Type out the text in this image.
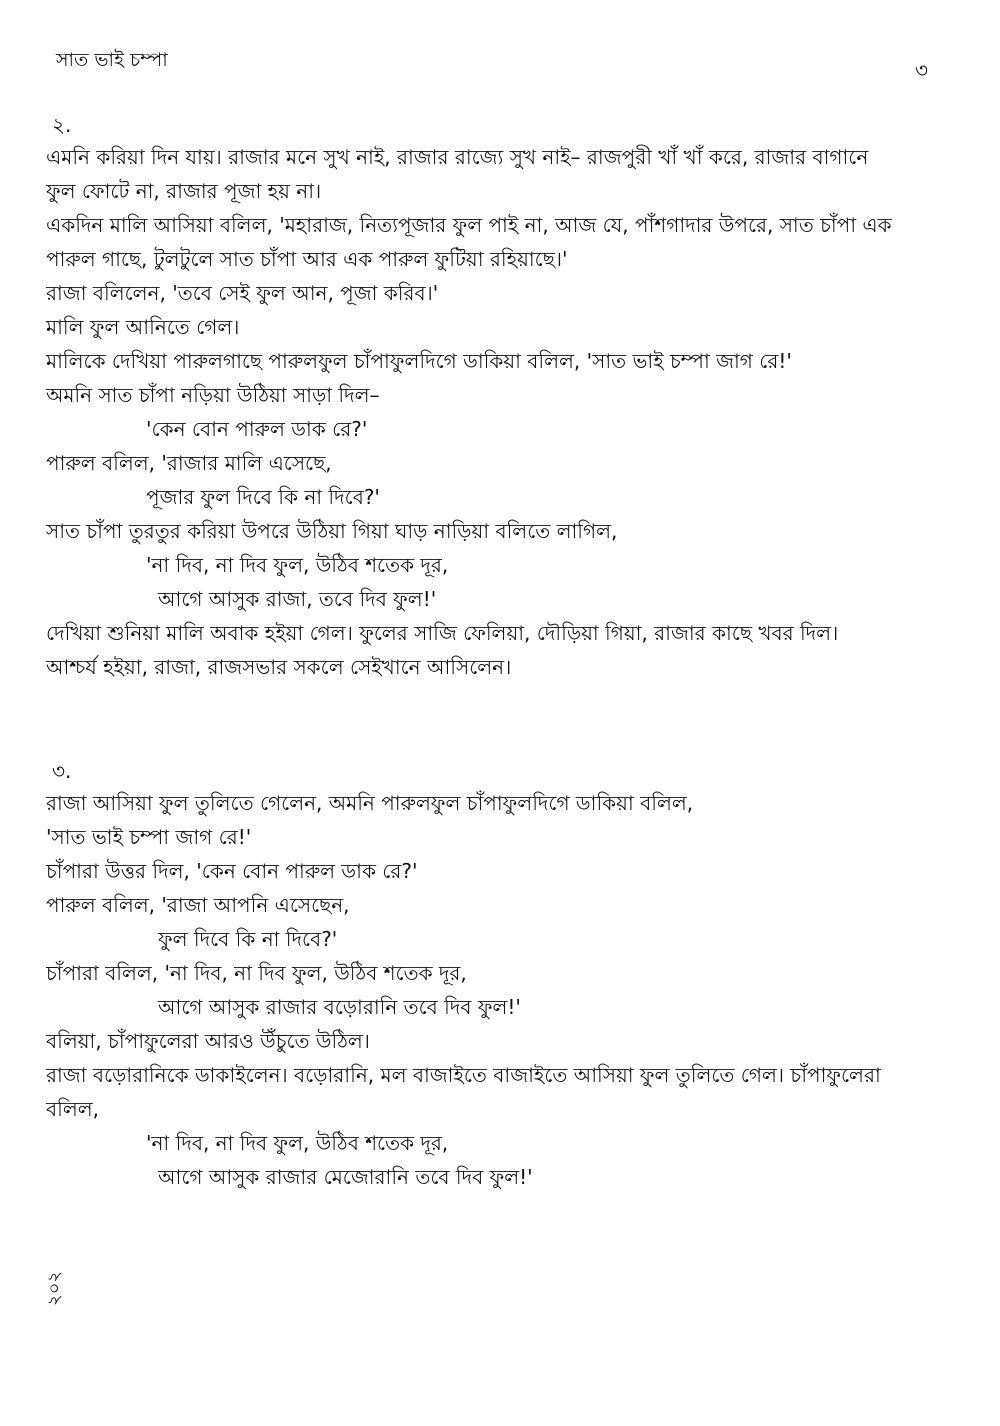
সাত ভাই চম্পা	৩
২.
এমনি করিয়া দিন যায়। রাজার মনে সুখ নাই, রাজার রাজ্যে সুখ নাই– রাজপুরী খাঁ খাঁ করে, রাজার বাগানে
ফুল ফোটে না, রাজার পূজা হয় না।
একদিন মালি আসিয়া বলিল, 'মহারাজ, নিত্যপূজার ফুল পাই না, আজ যে, পাঁশগাদার উপরে, সাত চাঁপা এক
পারুল গাছে, টুলটুলে সাত চাঁপা আর এক পারুল ফুটিয়া রহিয়াছে।'
রাজা বলিলেন, 'তবে সেই ফুল আন, পূজা করিব।'
মালি ফুল আনিতে গেল।
মালিকে দেখিয়া পারুলগাছে পারুলফুল চাঁপাফুলদিগে ডাকিয়া বলিল, 'সাত ভাই চম্পা জাগ রে!'
অমনি সাত চাঁপা নড়িয়া উঠিয়া সাড়া দিল–
'কেন বোন পারুল ডাক রে?'
পারুল বলিল, 'রাজার মালি এসেছে,
পূজার ফুল দিবে কি না দিবে?'
সাত চাঁপা তুরতুর করিয়া উপরে উঠিয়া গিয়া ঘাড় নাড়িয়া বলিতে লাগিল,
'না দিব, না দিব ফুল, উঠিব শতেক দূর,
আগে আসুক রাজা, তবে দিব ফুল!'
দেখিয়া শুনিয়া মালি অবাক হইয়া গেল। ফুলের সাজি ফেলিয়া, দৌড়িয়া গিয়া, রাজার কাছে খবর দিল।
আশ্চর্য হইয়া, রাজা, রাজসভার সকলে সেইখানে আসিলেন।
৩.
রাজা আসিয়া ফুল তুলিতে গেলেন, অমনি পারুলফুল চাঁপাফুলদিগে ডাকিয়া বলিল,
'সাত ভাই চম্পা জাগ রে!'
চাঁপারা উত্তর দিল, 'কেন বোন পারুল ডাক রে?'
পারুল বলিল, 'রাজা আপনি এসেছেন,
ফুল দিবে কি না দিবে?'
চাঁপারা বলিল, 'না দিব, না দিব ফুল, উঠিব শতেক দূর,
আগে আসুক রাজার বড়োরানি তবে দিব ফুল!'
বলিয়া, চাঁপাফুলেরা আরও উঁচুতে উঠিল।
রাজা বড়োরানিকে ডাকাইলেন। বড়োরানি, মল বাজাইতে বাজাইতে আসিয়া ফুল তুলিতে গেল। চাঁপাফুলেরা
বলিল,
'না দিব, না দিব ফুল, উঠিব শতেক দূর,
আগে আসুক রাজার মেজোরানি তবে দিব ফুল!'
২০২
